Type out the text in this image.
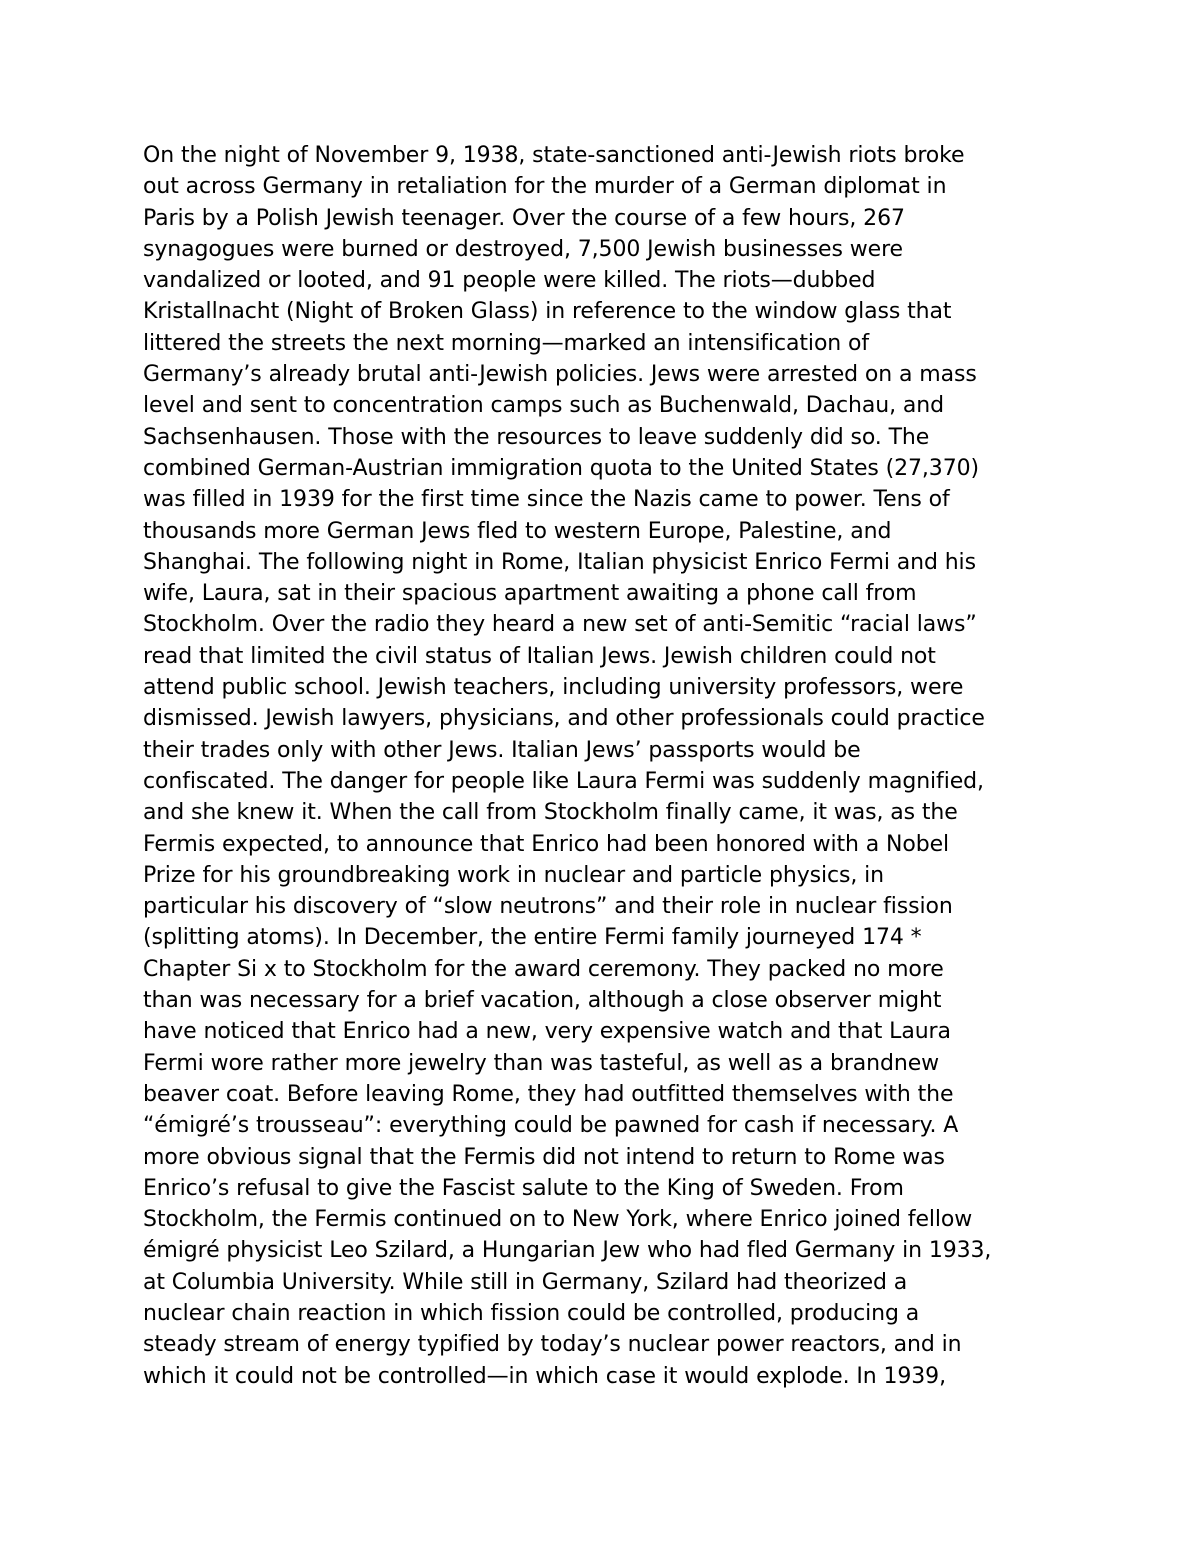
On the night of November 9, 1938, state-sanctioned anti-Jewish riots broke
out across Germany in retaliation for the murder of a German diplomat in
Paris by a Polish Jewish teenager. Over the course of a few hours, 267
synagogues were burned or destroyed, 7,500 Jewish businesses were
vandalized or looted, and 91 people were killed. The riots—dubbed
Kristallnacht (Night of Broken Glass) in reference to the window glass that
littered the streets the next morning—marked an intensification of
Germany’s already brutal anti-Jewish policies. Jews were arrested on a mass
level and sent to concentration camps such as Buchenwald, Dachau, and
Sachsenhausen. Those with the resources to leave suddenly did so. The
combined German-Austrian immigration quota to the United States (27,370)
was filled in 1939 for the first time since the Nazis came to power. Tens of
thousands more German Jews fled to western Europe, Palestine, and
Shanghai. The following night in Rome, Italian physicist Enrico Fermi and his
wife, Laura, sat in their spacious apartment awaiting a phone call from
Stockholm. Over the radio they heard a new set of anti-Semitic “racial laws”
read that limited the civil status of Italian Jews. Jewish children could not
attend public school. Jewish teachers, including university professors, were
dismissed. Jewish lawyers, physicians, and other professionals could practice
their trades only with other Jews. Italian Jews’ passports would be
confiscated. The danger for people like Laura Fermi was suddenly magnified,
and she knew it. When the call from Stockholm finally came, it was, as the
Fermis expected, to announce that Enrico had been honored with a Nobel
Prize for his groundbreaking work in nuclear and particle physics, in
particular his discovery of “slow neutrons” and their role in nuclear fission
(splitting atoms). In December, the entire Fermi family journeyed 174 *
Chapter Si x to Stockholm for the award ceremony. They packed no more
than was necessary for a brief vacation, although a close observer might
have noticed that Enrico had a new, very expensive watch and that Laura
Fermi wore rather more jewelry than was tasteful, as well as a brandnew
beaver coat. Before leaving Rome, they had outfitted themselves with the
“émigré’s trousseau”: everything could be pawned for cash if necessary. A
more obvious signal that the Fermis did not intend to return to Rome was
Enrico’s refusal to give the Fascist salute to the King of Sweden. From
Stockholm, the Fermis continued on to New York, where Enrico joined fellow
émigré physicist Leo Szilard, a Hungarian Jew who had fled Germany in 1933,
at Columbia University. While still in Germany, Szilard had theorized a
nuclear chain reaction in which fission could be controlled, producing a
steady stream of energy typified by today’s nuclear power reactors, and in
which it could not be controlled—in which case it would explode. In 1939,
